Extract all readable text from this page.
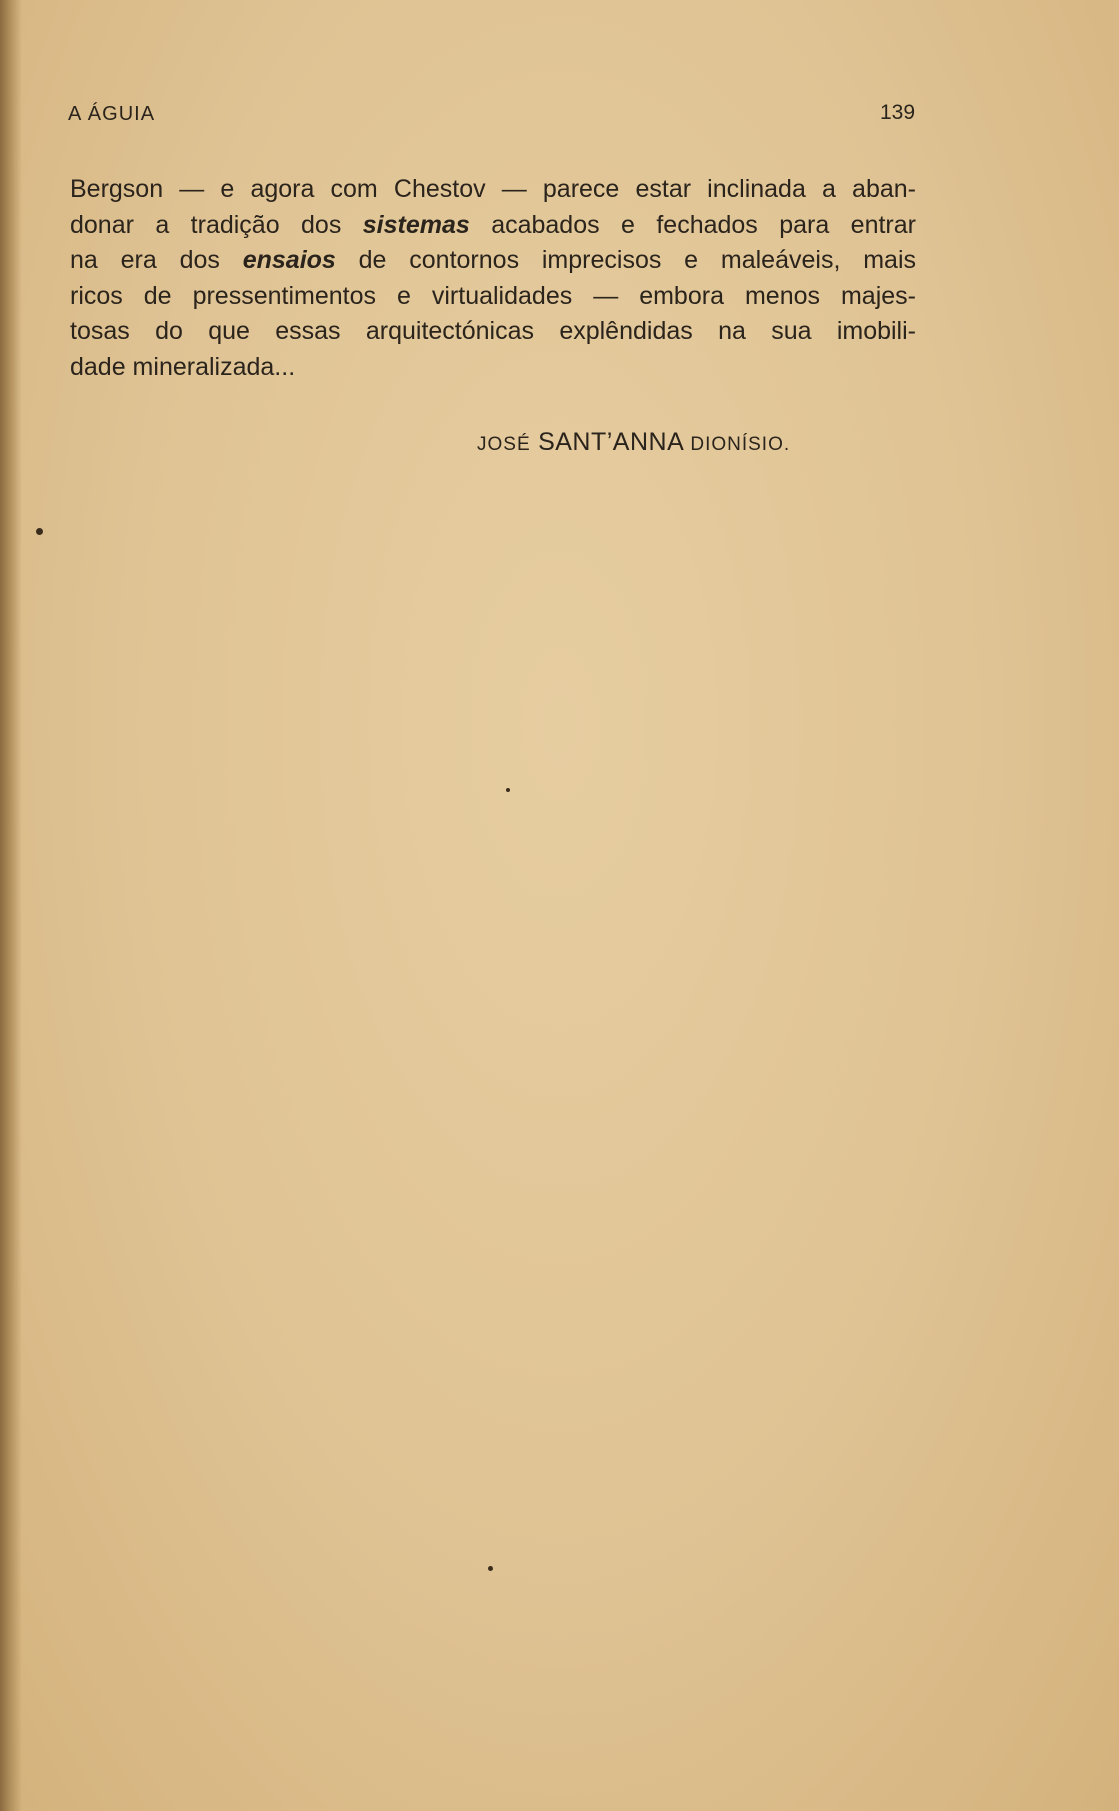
A ÁGUIA	139
Bergson — e agora com Chestov — parece estar inclinada a aban-
donar a tradição dos sistemas acabados e fechados para entrar
na era dos ensaios de contornos imprecisos e maleáveis, mais
ricos de pressentimentos e virtualidades — embora menos majes-
tosas do que essas arquitectónicas explêndidas na sua imobili-
dade mineralizada...
JOSÉ SANT’ANNA DIONÍSIO.
